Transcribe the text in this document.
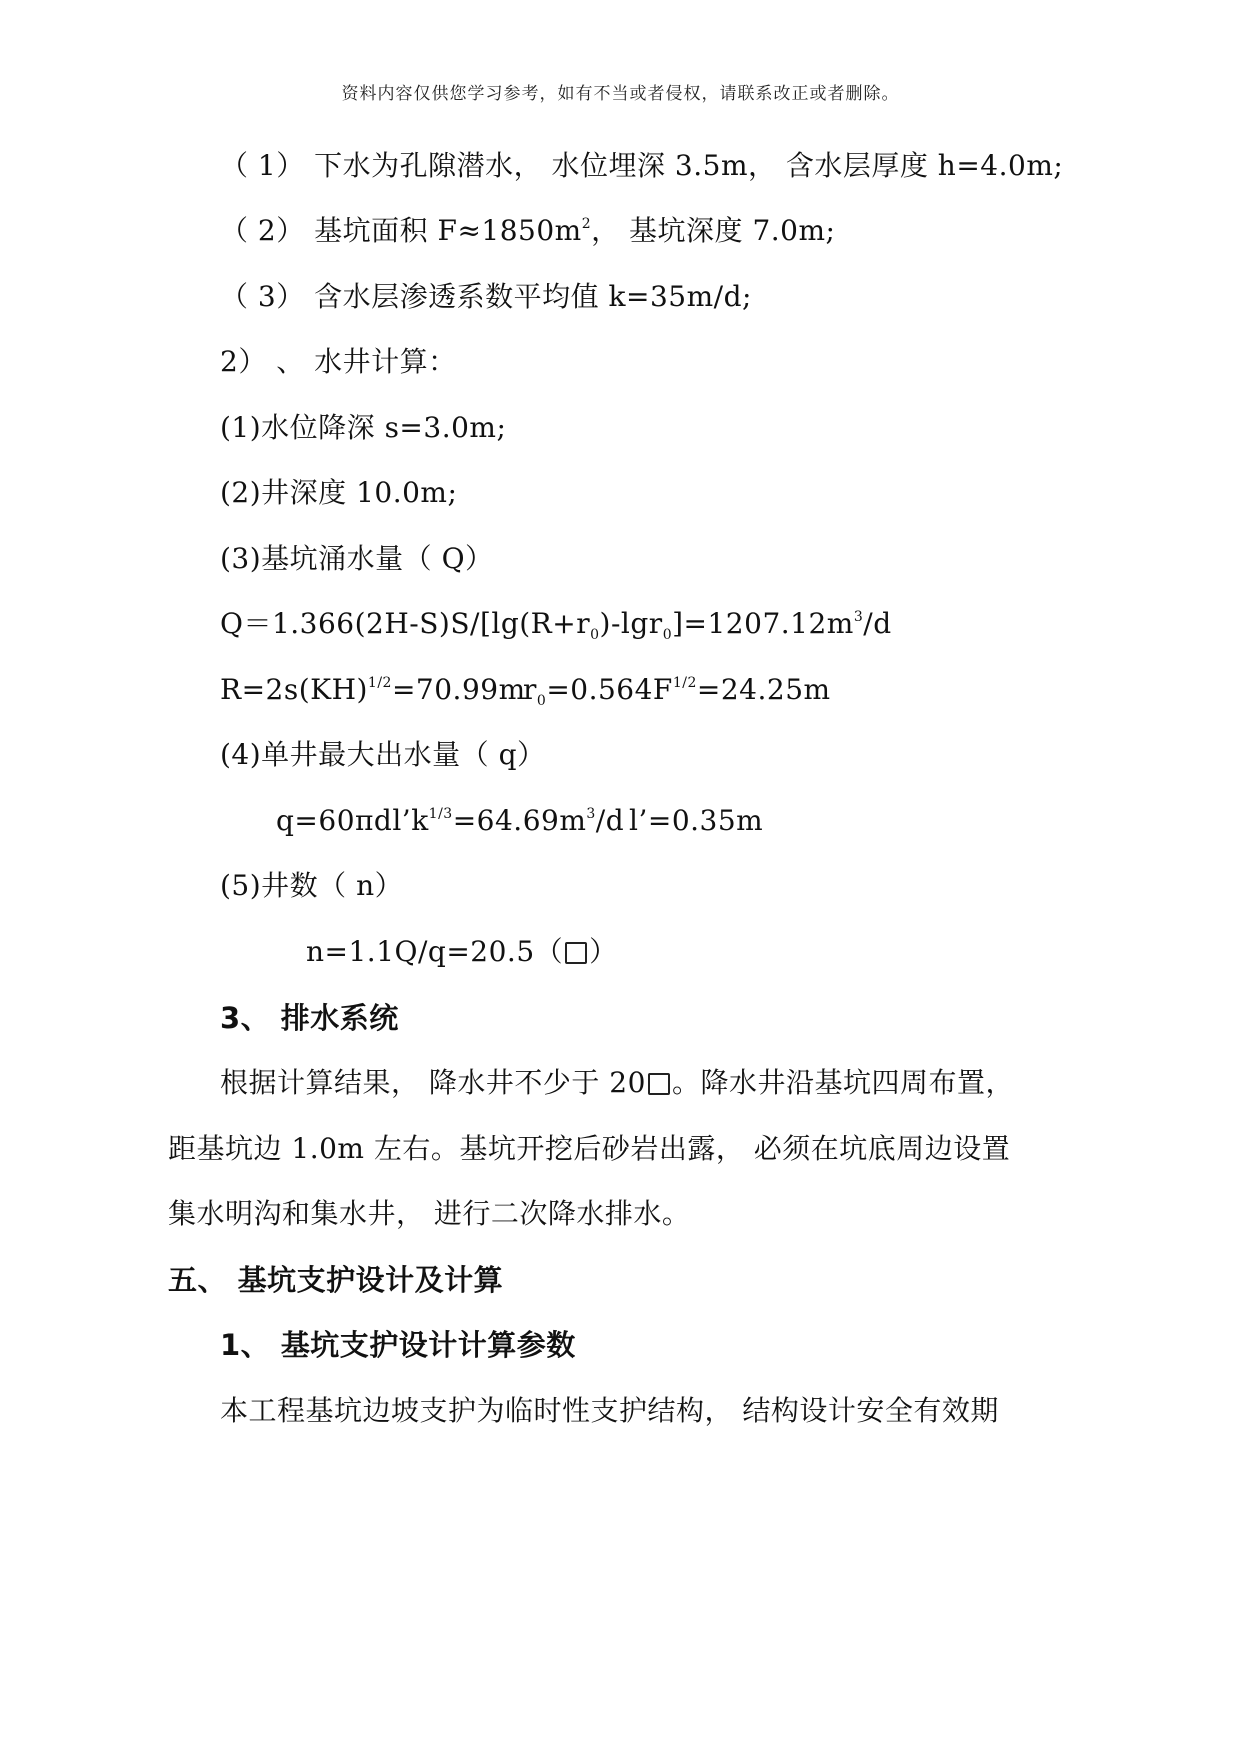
资料内容仅供您学习参考，如有不当或者侵权，请联系改正或者删除。
（ 1） 下水为孔隙潜水， 水位埋深 3.5m， 含水层厚度 h=4.0m;
（ 2） 基坑面积 $F\approx 1850m^2$， 基坑深度 7.0m;
（ 3） 含水层渗透系数平均值 k=35m/d;
2） 、 水井计算：
(1)水位降深 s=3.0m;
(2)井深度 10.0m;
(3)基坑涌水量（ Q）
$Q=1.366(2H-S)S/[\lg(R+r_0)-\lg r_0]=1207.12m^3/d$
R=2s(KH)$^{1/2}$=70.99m
$r_0=0.564F^{1/2}=24.25m$
(4)单井最大出水量（ q）
$q=60\pi dl’k^{1/3}=64.69m^3/d$ l’=0.35m
(5)井数（ n）
n=1.1Q/q=20.5（ ）
3、 排水系统
根据计算结果， 降水井不少于 20 。降水井沿基坑四周布置，
距基坑边 1.0m 左右。基坑开挖后砂岩出露， 必须在坑底周边设置
集水明沟和集水井， 进行二次降水排水。
五、 基坑支护设计及计算
1、 基坑支护设计计算参数
本工程基坑边坡支护为临时性支护结构， 结构设计安全有效期
